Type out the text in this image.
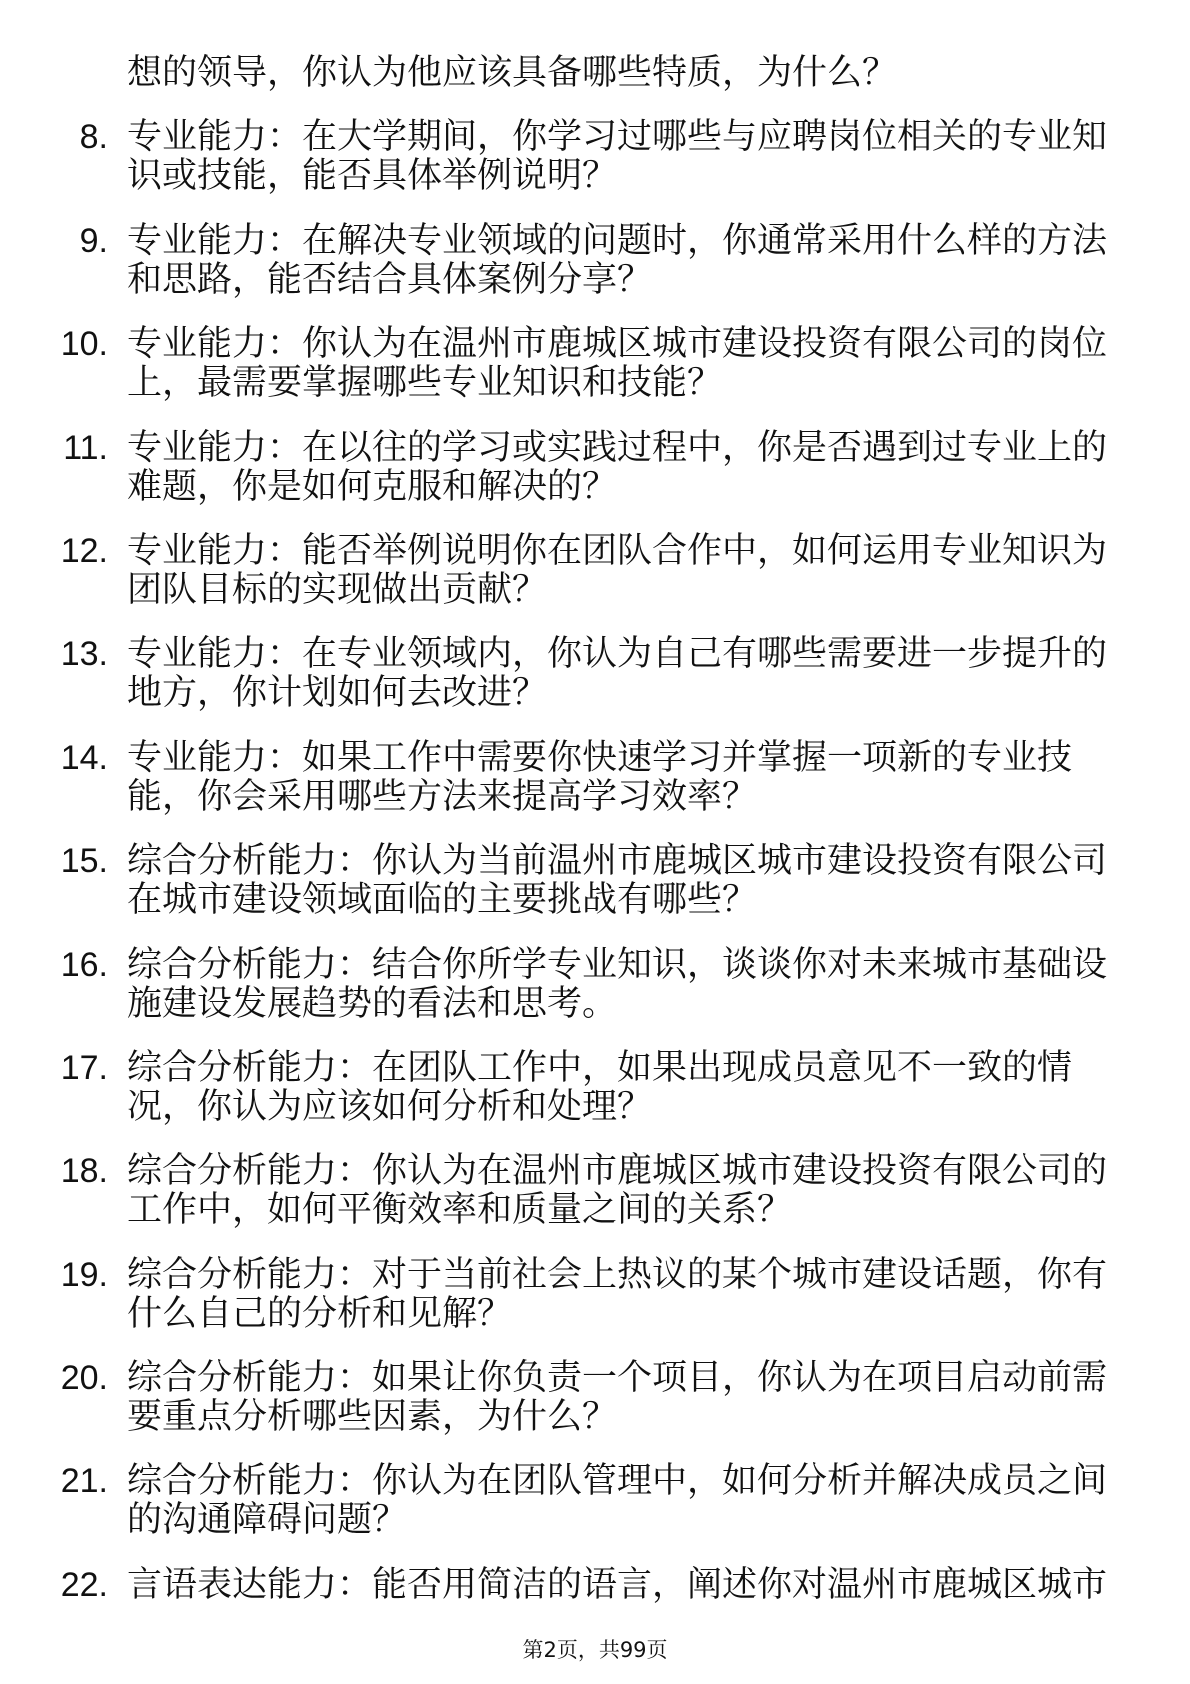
想的领导，你认为他应该具备哪些特质，为什么？
8. 专业能力：在大学期间，你学习过哪些与应聘岗位相关的专业知
识或技能，能否具体举例说明？
9. 专业能力：在解决专业领域的问题时，你通常采用什么样的方法
和思路，能否结合具体案例分享？
10. 专业能力：你认为在温州市鹿城区城市建设投资有限公司的岗位
上，最需要掌握哪些专业知识和技能？
11. 专业能力：在以往的学习或实践过程中，你是否遇到过专业上的
难题，你是如何克服和解决的？
12. 专业能力：能否举例说明你在团队合作中，如何运用专业知识为
团队目标的实现做出贡献？
13. 专业能力：在专业领域内，你认为自己有哪些需要进一步提升的
地方，你计划如何去改进？
14. 专业能力：如果工作中需要你快速学习并掌握一项新的专业技
能，你会采用哪些方法来提高学习效率？
15. 综合分析能力：你认为当前温州市鹿城区城市建设投资有限公司
在城市建设领域面临的主要挑战有哪些？
16. 综合分析能力：结合你所学专业知识，谈谈你对未来城市基础设
施建设发展趋势的看法和思考。
17. 综合分析能力：在团队工作中，如果出现成员意见不一致的情
况，你认为应该如何分析和处理？
18. 综合分析能力：你认为在温州市鹿城区城市建设投资有限公司的
工作中，如何平衡效率和质量之间的关系？
19. 综合分析能力：对于当前社会上热议的某个城市建设话题，你有
什么自己的分析和见解？
20. 综合分析能力：如果让你负责一个项目，你认为在项目启动前需
要重点分析哪些因素，为什么？
21. 综合分析能力：你认为在团队管理中，如何分析并解决成员之间
的沟通障碍问题？
22. 言语表达能力：能否用简洁的语言，阐述你对温州市鹿城区城市
第2页，共99页
